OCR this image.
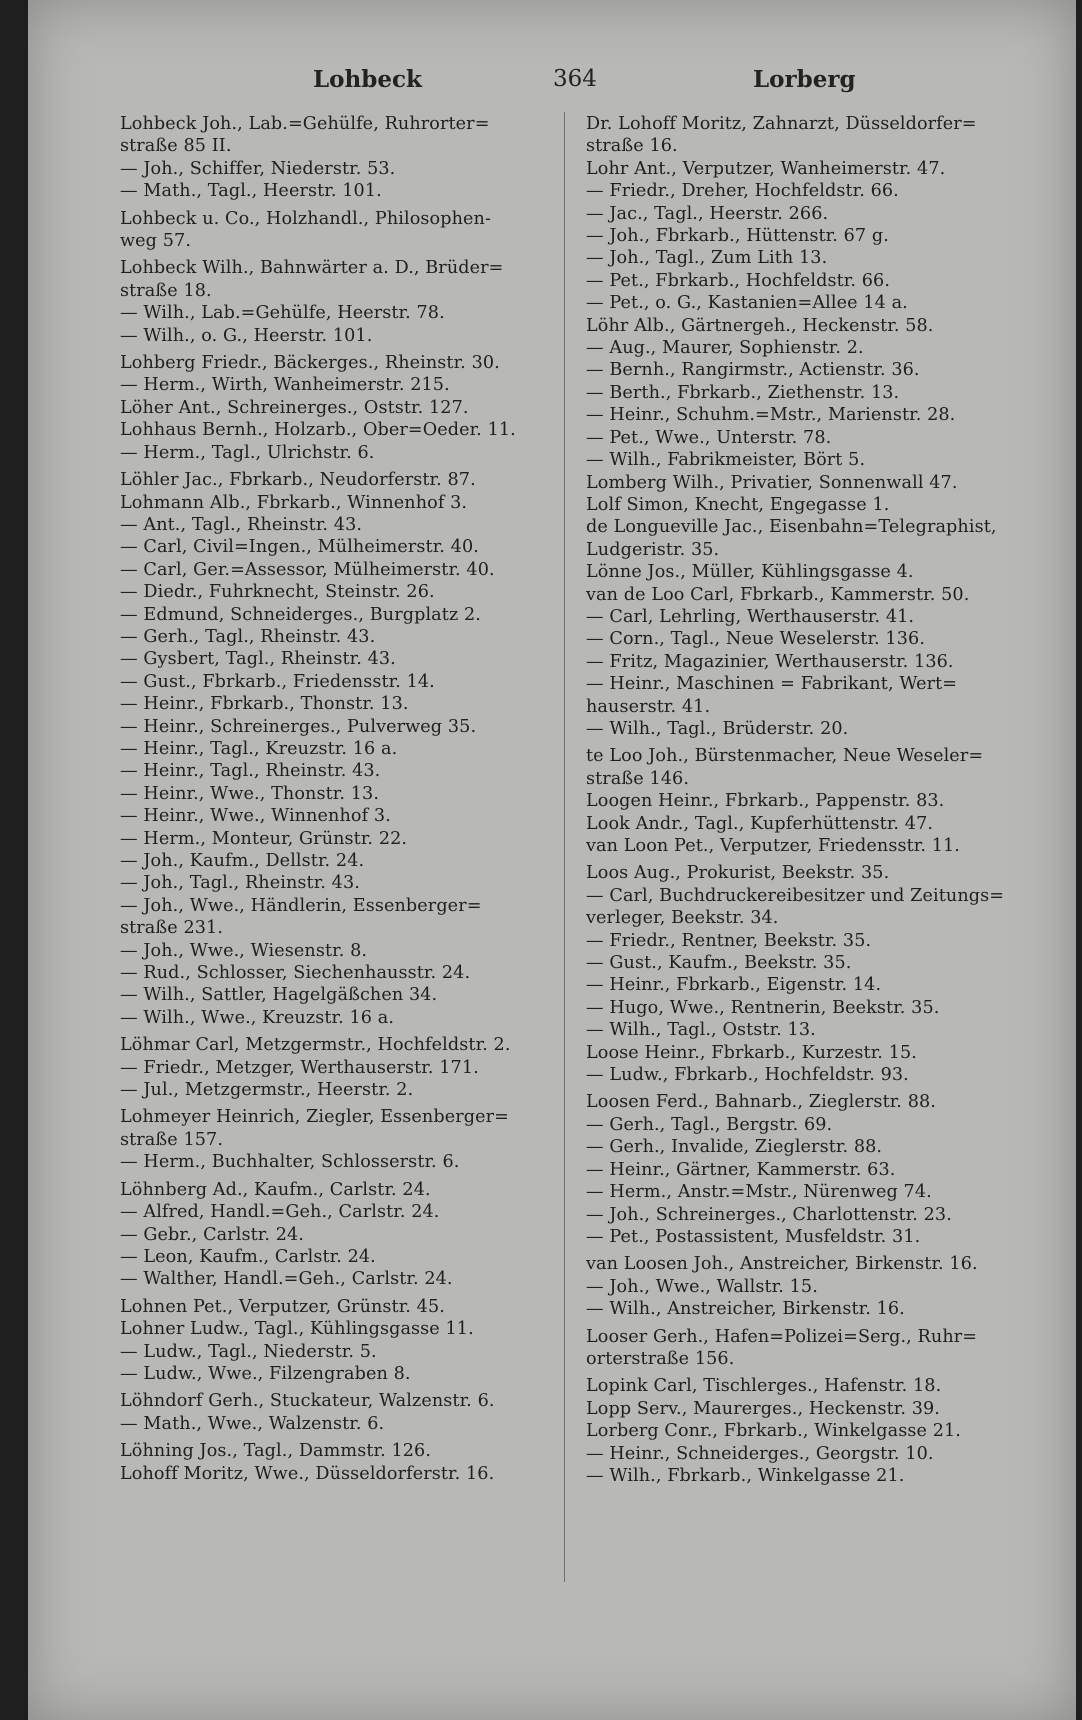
Lohbeck	364	Lorberg
Lohbeck Joh., Lab.=Gehülfe, Ruhrorter=
straße 85 II.
— Joh., Schiffer, Niederstr. 53.
— Math., Tagl., Heerstr. 101.
Lohbeck u. Co., Holzhandl., Philosophen-
weg 57.
Lohbeck Wilh., Bahnwärter a. D., Brüder=
straße 18.
— Wilh., Lab.=Gehülfe, Heerstr. 78.
— Wilh., o. G., Heerstr. 101.
Lohberg Friedr., Bäckerges., Rheinstr. 30.
— Herm., Wirth, Wanheimerstr. 215.
Löher Ant., Schreinerges., Oststr. 127.
Lohhaus Bernh., Holzarb., Ober=Oeder. 11.
— Herm., Tagl., Ulrichstr. 6.
Löhler Jac., Fbrkarb., Neudorferstr. 87.
Lohmann Alb., Fbrkarb., Winnenhof 3.
— Ant., Tagl., Rheinstr. 43.
— Carl, Civil=Ingen., Mülheimerstr. 40.
— Carl, Ger.=Assessor, Mülheimerstr. 40.
— Diedr., Fuhrknecht, Steinstr. 26.
— Edmund, Schneiderges., Burgplatz 2.
— Gerh., Tagl., Rheinstr. 43.
— Gysbert, Tagl., Rheinstr. 43.
— Gust., Fbrkarb., Friedensstr. 14.
— Heinr., Fbrkarb., Thonstr. 13.
— Heinr., Schreinerges., Pulverweg 35.
— Heinr., Tagl., Kreuzstr. 16 a.
— Heinr., Tagl., Rheinstr. 43.
— Heinr., Wwe., Thonstr. 13.
— Heinr., Wwe., Winnenhof 3.
— Herm., Monteur, Grünstr. 22.
— Joh., Kaufm., Dellstr. 24.
— Joh., Tagl., Rheinstr. 43.
— Joh., Wwe., Händlerin, Essenberger=
straße 231.
— Joh., Wwe., Wiesenstr. 8.
— Rud., Schlosser, Siechenhausstr. 24.
— Wilh., Sattler, Hagelgäßchen 34.
— Wilh., Wwe., Kreuzstr. 16 a.
Löhmar Carl, Metzgermstr., Hochfeldstr. 2.
— Friedr., Metzger, Werthauserstr. 171.
— Jul., Metzgermstr., Heerstr. 2.
Lohmeyer Heinrich, Ziegler, Essenberger=
straße 157.
— Herm., Buchhalter, Schlosserstr. 6.
Löhnberg Ad., Kaufm., Carlstr. 24.
— Alfred, Handl.=Geh., Carlstr. 24.
— Gebr., Carlstr. 24.
— Leon, Kaufm., Carlstr. 24.
— Walther, Handl.=Geh., Carlstr. 24.
Lohnen Pet., Verputzer, Grünstr. 45.
Lohner Ludw., Tagl., Kühlingsgasse 11.
— Ludw., Tagl., Niederstr. 5.
— Ludw., Wwe., Filzengraben 8.
Löhndorf Gerh., Stuckateur, Walzenstr. 6.
— Math., Wwe., Walzenstr. 6.
Löhning Jos., Tagl., Dammstr. 126.
Lohoff Moritz, Wwe., Düsseldorferstr. 16.
Dr. Lohoff Moritz, Zahnarzt, Düsseldorfer=
straße 16.
Lohr Ant., Verputzer, Wanheimerstr. 47.
— Friedr., Dreher, Hochfeldstr. 66.
— Jac., Tagl., Heerstr. 266.
— Joh., Fbrkarb., Hüttenstr. 67 g.
— Joh., Tagl., Zum Lith 13.
— Pet., Fbrkarb., Hochfeldstr. 66.
— Pet., o. G., Kastanien=Allee 14 a.
Löhr Alb., Gärtnergeh., Heckenstr. 58.
— Aug., Maurer, Sophienstr. 2.
— Bernh., Rangirmstr., Actienstr. 36.
— Berth., Fbrkarb., Ziethenstr. 13.
— Heinr., Schuhm.=Mstr., Marienstr. 28.
— Pet., Wwe., Unterstr. 78.
— Wilh., Fabrikmeister, Bört 5.
Lomberg Wilh., Privatier, Sonnenwall 47.
Lolf Simon, Knecht, Engegasse 1.
de Longueville Jac., Eisenbahn=Telegraphist,
Ludgeristr. 35.
Lönne Jos., Müller, Kühlingsgasse 4.
van de Loo Carl, Fbrkarb., Kammerstr. 50.
— Carl, Lehrling, Werthauserstr. 41.
— Corn., Tagl., Neue Weselerstr. 136.
— Fritz, Magazinier, Werthauserstr. 136.
— Heinr., Maschinen = Fabrikant, Wert=
hauserstr. 41.
— Wilh., Tagl., Brüderstr. 20.
te Loo Joh., Bürstenmacher, Neue Weseler=
straße 146.
Loogen Heinr., Fbrkarb., Pappenstr. 83.
Look Andr., Tagl., Kupferhüttenstr. 47.
van Loon Pet., Verputzer, Friedensstr. 11.
Loos Aug., Prokurist, Beekstr. 35.
— Carl, Buchdruckereibesitzer und Zeitungs=
verleger, Beekstr. 34.
— Friedr., Rentner, Beekstr. 35.
— Gust., Kaufm., Beekstr. 35.
— Heinr., Fbrkarb., Eigenstr. 14.
— Hugo, Wwe., Rentnerin, Beekstr. 35.
— Wilh., Tagl., Oststr. 13.
Loose Heinr., Fbrkarb., Kurzestr. 15.
— Ludw., Fbrkarb., Hochfeldstr. 93.
Loosen Ferd., Bahnarb., Zieglerstr. 88.
— Gerh., Tagl., Bergstr. 69.
— Gerh., Invalide, Zieglerstr. 88.
— Heinr., Gärtner, Kammerstr. 63.
— Herm., Anstr.=Mstr., Nürenweg 74.
— Joh., Schreinerges., Charlottenstr. 23.
— Pet., Postassistent, Musfeldstr. 31.
van Loosen Joh., Anstreicher, Birkenstr. 16.
— Joh., Wwe., Wallstr. 15.
— Wilh., Anstreicher, Birkenstr. 16.
Looser Gerh., Hafen=Polizei=Serg., Ruhr=
orterstraße 156.
Lopink Carl, Tischlerges., Hafenstr. 18.
Lopp Serv., Maurerges., Heckenstr. 39.
Lorberg Conr., Fbrkarb., Winkelgasse 21.
— Heinr., Schneiderges., Georgstr. 10.
— Wilh., Fbrkarb., Winkelgasse 21.
